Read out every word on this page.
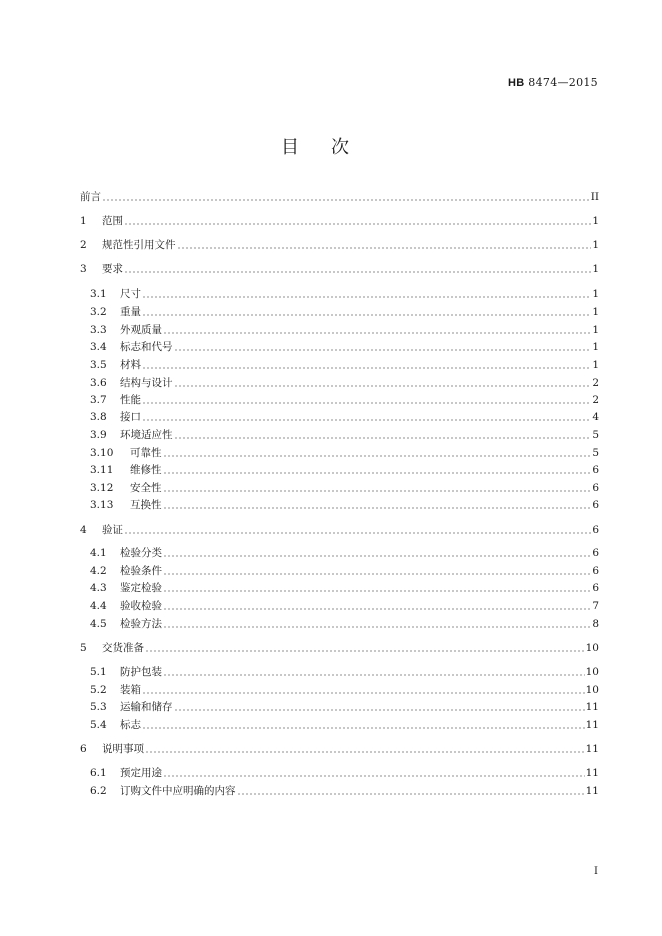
HB 8474—2015
目次
前言	II
1	范围	1
2	规范性引用文件	1
3	要求	1
3.1	尺寸	1
3.2	重量	1
3.3	外观质量	1
3.4	标志和代号	1
3.5	材料	1
3.6	结构与设计	2
3.7	性能	2
3.8	接口	4
3.9	环境适应性	5
3.10	可靠性	5
3.11	维修性	6
3.12	安全性	6
3.13	互换性	6
4	验证	6
4.1	检验分类	6
4.2	检验条件	6
4.3	鉴定检验	6
4.4	验收检验	7
4.5	检验方法	8
5	交货准备	10
5.1	防护包装	10
5.2	装箱	10
5.3	运输和储存	11
5.4	标志	11
6	说明事项	11
6.1	预定用途	11
6.2	订购文件中应明确的内容	11
I
